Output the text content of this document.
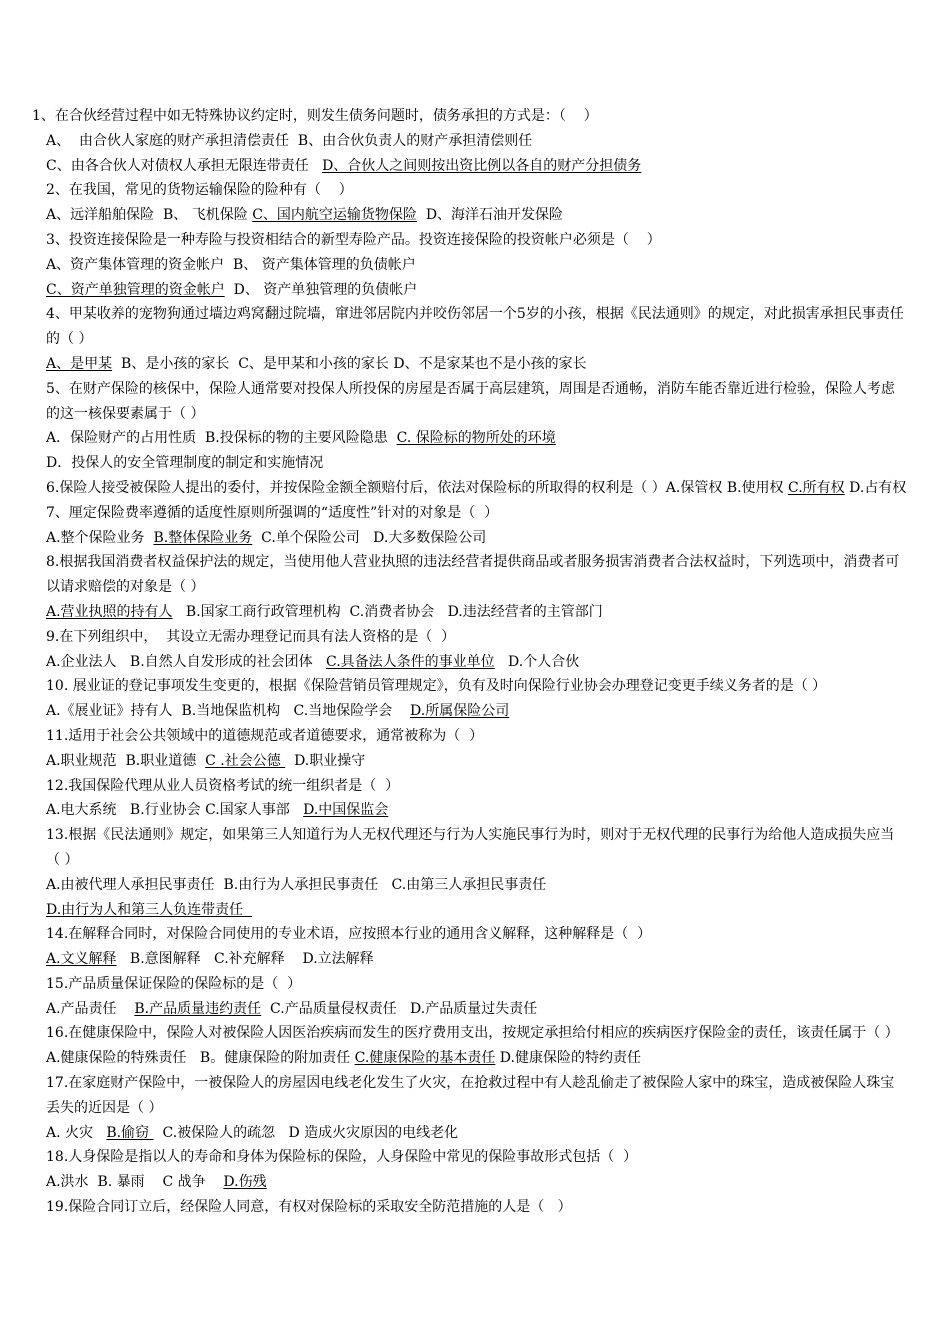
1、在合伙经营过程中如无特殊协议约定时，则发生债务问题时，债务承担的方式是：（    ）
A、  由合伙人家庭的财产承担清偿责任  B、由合伙负责人的财产承担清偿则任
C、由各合伙人对债权人承担无限连带责任   D、合伙人之间则按出资比例以各自的财产分担债务
2、在我国，常见的货物运输保险的险种有（    ）
A、远洋船舶保险  B、 飞机保险 C、国内航空运输货物保险  D、海洋石油开发保险
3、投资连接保险是一种寿险与投资相结合的新型寿险产品。投资连接保险的投资帐户必须是（    ）
A、资产集体管理的资金帐户  B、 资产集体管理的负债帐户
C、资产单独管理的资金帐户  D、 资产单独管理的负债帐户
4、甲某收养的宠物狗通过墙边鸡窝翻过院墙，窜进邻居院内并咬伤邻居一个5岁的小孩，根据《民法通则》的规定，对此损害承担民事责任的（ ）
A、是甲某  B、是小孩的家长  C、是甲某和小孩的家长 D、不是家某也不是小孩的家长
5、在财产保险的核保中，保险人通常要对投保人所投保的房屋是否属于高层建筑，周围是否通畅，消防车能否靠近进行检验，保险人考虑的这一核保要素属于（ ）
A．保险财产的占用性质  B.投保标的物的主要风险隐患  C. 保险标的物所处的环境
D．投保人的安全管理制度的制定和实施情况
6.保险人接受被保险人提出的委付，并按保险金额全额赔付后，依法对保险标的所取得的权利是（ ）A.保管权 B.使用权 C.所有权 D.占有权
7、厘定保险费率遵循的适度性原则所强调的“适度性”针对的对象是（  ）
A.整个保险业务  B.整体保险业务  C.单个保险公司   D.大多数保险公司
8.根据我国消费者权益保护法的规定，当使用他人营业执照的违法经营者提供商品或者服务损害消费者合法权益时，下列选项中，消费者可以请求赔偿的对象是（ ）
A.营业执照的持有人   B.国家工商行政管理机构  C.消费者协会   D.违法经营者的主管部门
9.在下列组织中，  其设立无需办理登记而具有法人资格的是（  ）
A.企业法人   B.自然人自发形成的社会团体   C.具备法人条件的事业单位   D.个人合伙
10. 展业证的登记事项发生变更的，根据《保险营销员管理规定》，负有及时向保险行业协会办理登记变更手续义务者的是（ ）
A.《展业证》持有人  B.当地保监机构   C.当地保险学会    D.所属保险公司
11.适用于社会公共领域中的道德规范或者道德要求，通常被称为（  ）
A.职业规范  B.职业道德  C .社会公德   D.职业操守
12.我国保险代理从业人员资格考试的统一组织者是（  ）
A.电大系统   B.行业协会 C.国家人事部   D.中国保监会
13.根据《民法通则》规定，如果第三人知道行为人无权代理还与行为人实施民事行为时，则对于无权代理的民事行为给他人造成损失应当（ ）
A.由被代理人承担民事责任  B.由行为人承担民事责任   C.由第三人承担民事责任
D.由行为人和第三人负连带责任
14.在解释合同时，对保险合同使用的专业术语，应按照本行业的通用含义解释，这种解释是（  ）
A.文义解释   B.意图解释   C.补充解释    D.立法解释
15.产品质量保证保险的保险标的是（  ）
A.产品责任    B.产品质量违约责任  C.产品质量侵权责任   D.产品质量过失责任
16.在健康保险中，保险人对被保险人因医治疾病而发生的医疗费用支出，按规定承担给付相应的疾病医疗保险金的责任，该责任属于（ ）
A.健康保险的特殊责任   B。健康保险的附加责任 C.健康保险的基本责任 D.健康保险的特约责任
17.在家庭财产保险中，一被保险人的房屋因电线老化发生了火灾，在抢救过程中有人趁乱偷走了被保险人家中的珠宝，造成被保险人珠宝丢失的近因是（ ）
A. 火灾   B.偷窃   C.被保险人的疏忽   D 造成火灾原因的电线老化
18.人身保险是指以人的寿命和身体为保险标的保险，人身保险中常见的保险事故形式包括（  ）
A.洪水  B. 暴雨    C 战争    D.伤残
19.保险合同订立后，经保险人同意，有权对保险标的采取安全防范措施的人是（   ）
